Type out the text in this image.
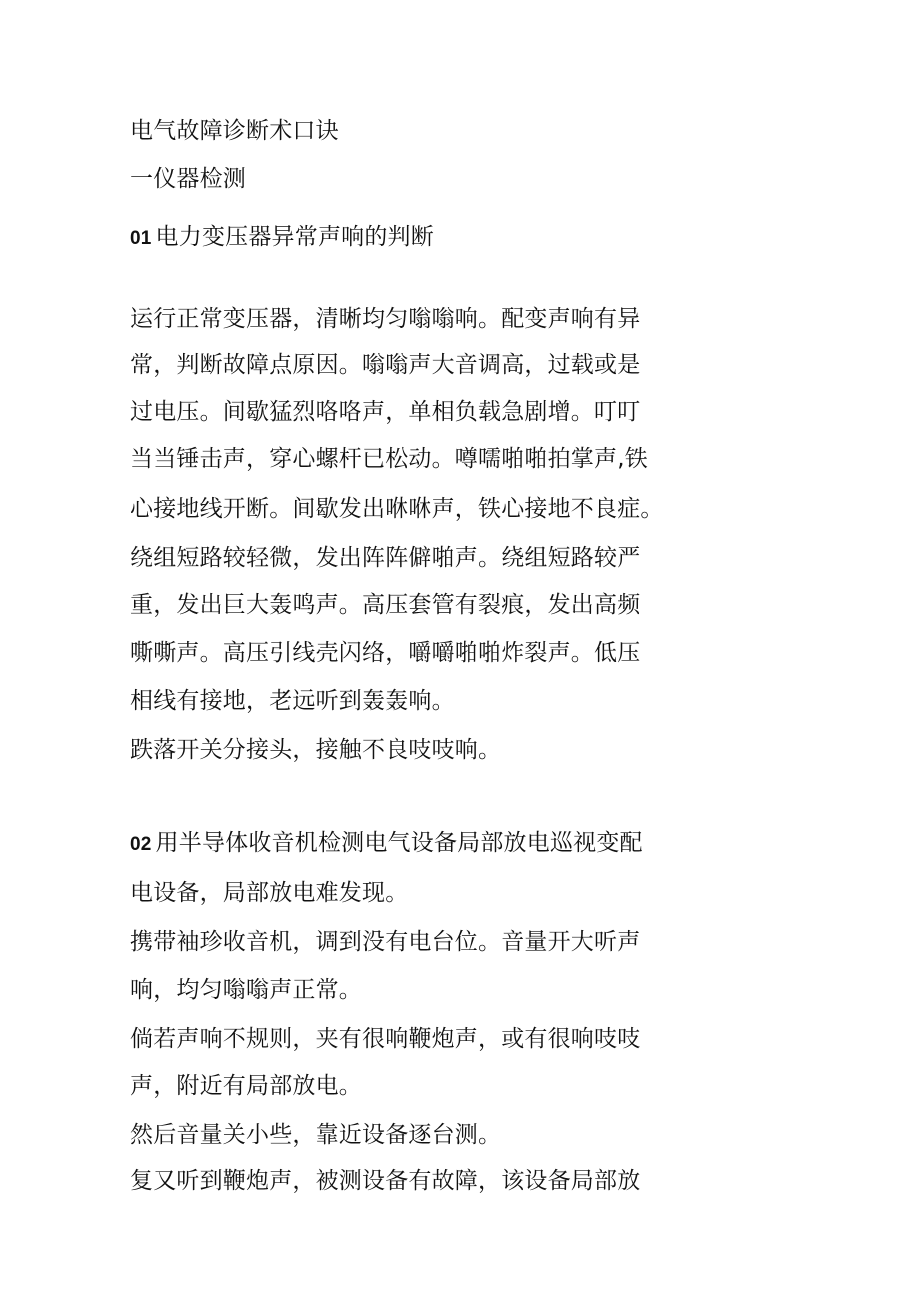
电气故障诊断术口诀
一仪器检测
01 电力变压器异常声响的判断
运行正常变压器，清晰均匀嗡嗡响。配变声响有异
常，判断故障点原因。嗡嗡声大音调高，过载或是
过电压。间歇猛烈咯咯声，单相负载急剧增。叮叮
当当锤击声，穿心螺杆已松动。噂嚅啪啪拍掌声,铁
心接地线开断。间歇发出咻咻声，铁心接地不良症。
绕组短路较轻微，发出阵阵僻啪声。绕组短路较严
重，发出巨大轰鸣声。高压套管有裂痕，发出高频
嘶嘶声。高压引线壳闪络，嚼嚼啪啪炸裂声。低压
相线有接地，老远听到轰轰响。
跌落开关分接头，接触不良吱吱响。
02 用半导体收音机检测电气设备局部放电巡视变配
电设备，局部放电难发现。
携带袖珍收音机，调到没有电台位。音量开大听声
响，均匀嗡嗡声正常。
倘若声响不规则，夹有很响鞭炮声，或有很响吱吱
声，附近有局部放电。
然后音量关小些，靠近设备逐台测。
复又听到鞭炮声，被测设备有故障，该设备局部放
